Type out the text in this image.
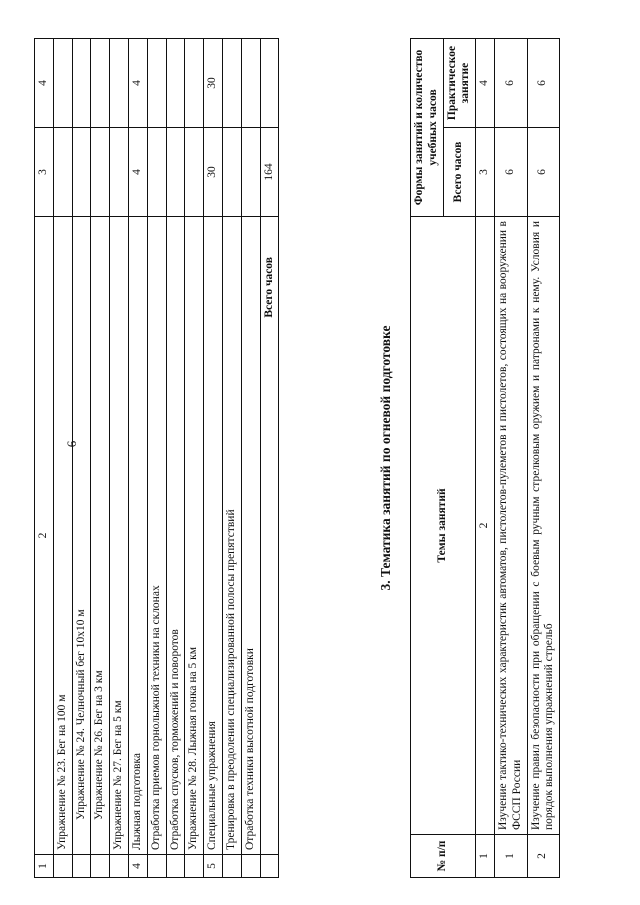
6
1	2	3	4
	Упражнение № 23. Бег на 100 м		
	Упражнение № 24. Челночный бег 10х10 м		
	Упражнение № 26. Бег на 3 км		
	Упражнение № 27. Бег на 5 км		
4	Лыжная подготовка	4	4
	Отработка приемов горнолыжной техники на склонах		
	Отработка спусков, торможений и поворотов		
	Упражнение № 28. Лыжная гонка на 5 км		
5	Специальные упражнения	30	30
	Тренировка в преодолении специализированной полосы препятствий		
	Отработка техники высотной подготовки		
	Всего часов	164	
3. Тематика занятий по огневой подготовке
№ п/п	Темы занятий	Формы занятий и количество учебных часов	
		Всего часов	Практическое занятие
1	2	3	4
1	Изучение тактико-технических характеристик автоматов, пистолетов-пулеметов и пистолетов, состоящих на вооружении в ФССП России	6	6
2	Изучение правил безопасности при обращении с боевым ручным стрелковым оружием и патронами к нему. Условия и порядок выполнения упражнений стрельб	6	6
